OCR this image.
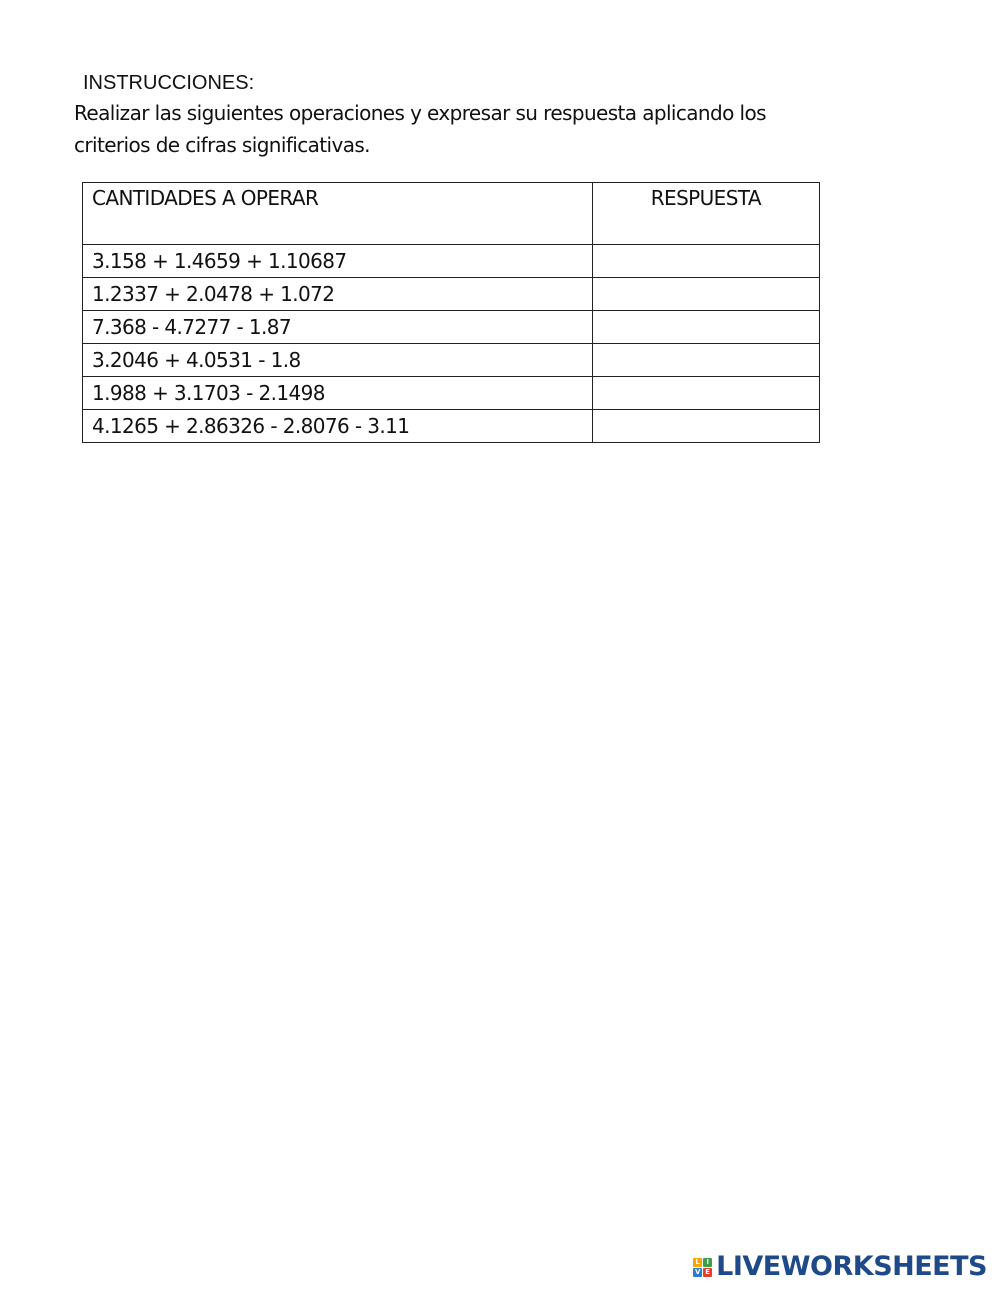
INSTRUCCIONES:

Realizar las siguientes operaciones y expresar su respuesta aplicando los

criterios de cifras significativas.

CANTIDADES A OPERAR	RESPUESTA
3.158 + 1.4659 + 1.10687	
1.2337 + 2.0478 + 1.072	
7.368 - 4.7277 - 1.87	
3.2046 + 4.0531 - 1.8	
1.988 + 3.1703 - 2.1498	
4.1265 + 2.86326 - 2.8076 - 3.11	
L I
V E LIVEWORKSHEETS
